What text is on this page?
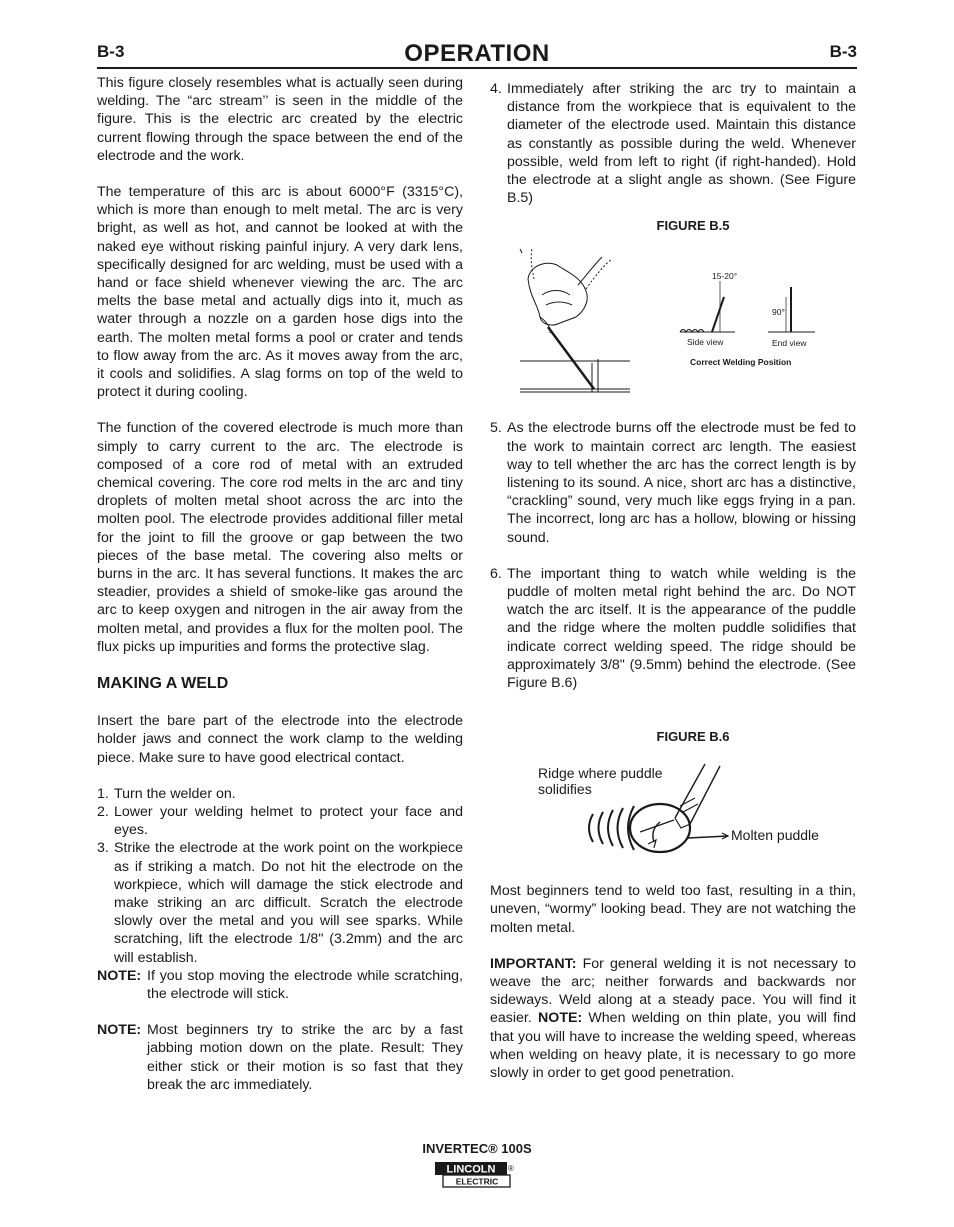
B-3	OPERATION	B-3

This figure closely resembles what is actually seen during welding. The “arc stream’’ is seen in the middle of the figure. This is the electric arc created by the electric current flowing through the space between the end of the electrode and the work.

The temperature of this arc is about 6000°F (3315°C), which is more than enough to melt metal. The arc is very bright, as well as hot, and cannot be looked at with the naked eye without risking painful injury. A very dark lens, specifically designed for arc welding, must be used with a hand or face shield whenever viewing the arc. The arc melts the base metal and actually digs into it, much as water through a nozzle on a garden hose digs into the earth. The molten metal forms a pool or crater and tends to flow away from the arc. As it moves away from the arc, it cools and solidifies. A slag forms on top of the weld to protect it during cooling.

The function of the covered electrode is much more than simply to carry current to the arc. The electrode is composed of a core rod of metal with an extruded chemical covering. The core rod melts in the arc and tiny droplets of molten metal shoot across the arc into the molten pool. The electrode provides additional filler metal for the joint to fill the groove or gap between the two pieces of the base metal. The covering also melts or burns in the arc. It has several functions. It makes the arc steadier, provides a shield of smoke-like gas around the arc to keep oxygen and nitrogen in the air away from the molten metal, and provides a flux for the molten pool. The flux picks up impurities and forms the protective slag.

MAKING A WELD

Insert the bare part of the electrode into the electrode holder jaws and connect the work clamp to the welding piece. Make sure to have good electrical contact.

1. Turn the welder on.
2. Lower your welding helmet to protect your face and eyes.
3. Strike the electrode at the work point on the workpiece as if striking a match. Do not hit the electrode on the workpiece, which will damage the stick electrode and make striking an arc difficult. Scratch the electrode slowly over the metal and you will see sparks. While scratching, lift the electrode 1/8" (3.2mm) and the arc will establish.
NOTE: If you stop moving the electrode while scratching, the electrode will stick.
NOTE: Most beginners try to strike the arc by a fast jabbing motion down on the plate. Result: They either stick or their motion is so fast that they break the arc immediately.
4. Immediately after striking the arc try to maintain a distance from the workpiece that is equivalent to the diameter of the electrode used. Maintain this distance as constantly as possible during the weld. Whenever possible, weld from left to right (if right-handed). Hold the electrode at a slight angle as shown. (See Figure B.5)
FIGURE B.5
15-20°
90°
Side view	End view
Correct Welding Position
5. As the electrode burns off the electrode must be fed to the work to maintain correct arc length. The easiest way to tell whether the arc has the correct length is by listening to its sound. A nice, short arc has a distinctive, “crackling” sound, very much like eggs frying in a pan. The incorrect, long arc has a hollow, blowing or hissing sound.
6. The important thing to watch while welding is the puddle of molten metal right behind the arc. Do NOT watch the arc itself. It is the appearance of the puddle and the ridge where the molten puddle solidifies that indicate correct welding speed. The ridge should be approximately 3/8" (9.5mm) behind the electrode. (See Figure B.6)
FIGURE B.6
Ridge where puddle
solidifies
Molten puddle

Most beginners tend to weld too fast, resulting in a thin, uneven, “wormy” looking bead. They are not watching the molten metal.

IMPORTANT: For general welding it is not necessary to weave the arc; neither forwards and backwards nor sideways. Weld along at a steady pace. You will find it easier. NOTE: When welding on thin plate, you will find that you will have to increase the welding speed, whereas when welding on heavy plate, it is necessary to go more slowly in order to get good penetration.

INVERTEC® 100S
LINCOLN ®
ELECTRIC
